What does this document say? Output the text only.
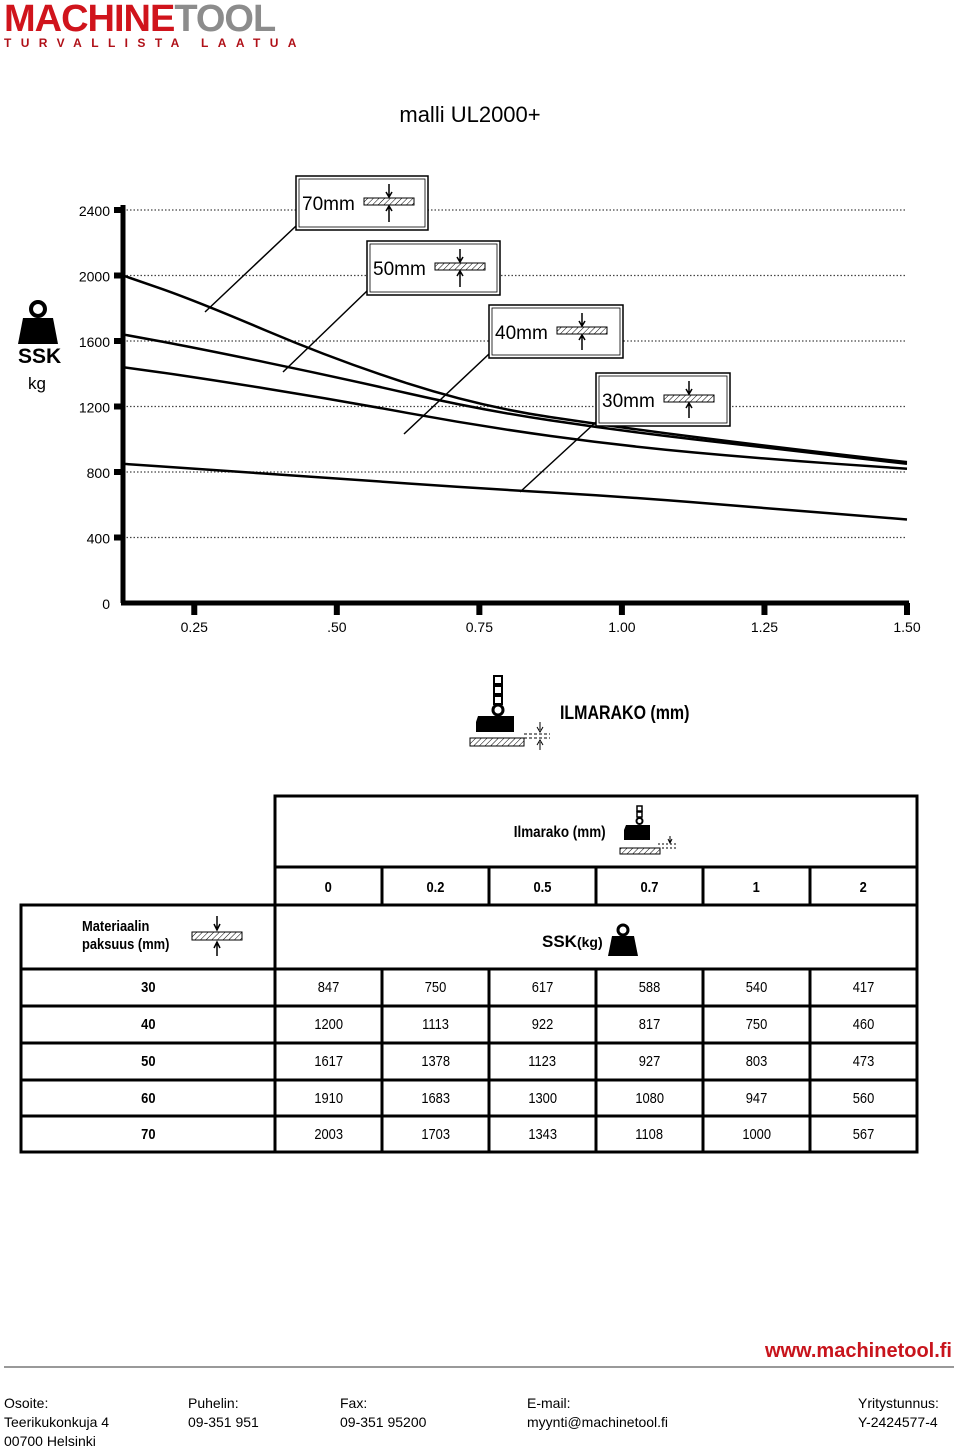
MACHINETOOL
TURVALLISTA LAATUA
malli UL2000+
SSK
kg
0
400
800
1200
1600
2000
2400
0.25	.50	0.75	1.00	1.25	1.50
70mm
50mm
40mm
30mm
ILMARAKO (mm)
Ilmarako (mm)
Materiaalin
paksuus (mm)	SSK(kg)
0	0.2	0.5	0.7	1	2
30	847	750	617	588	540	417
40	1200	1113	922	817	750	460
50	1617	1378	1123	927	803	473
60	1910	1683	1300	1080	947	560
70	2003	1703	1343	1108	1000	567
www.machinetool.fi
Osoite:
Teerikukonkuja 4
00700 Helsinki
Puhelin:
09-351 951
Fax:
09-351 95200
E-mail:
myynti@machinetool.fi
Yritystunnus:
Y-2424577-4
